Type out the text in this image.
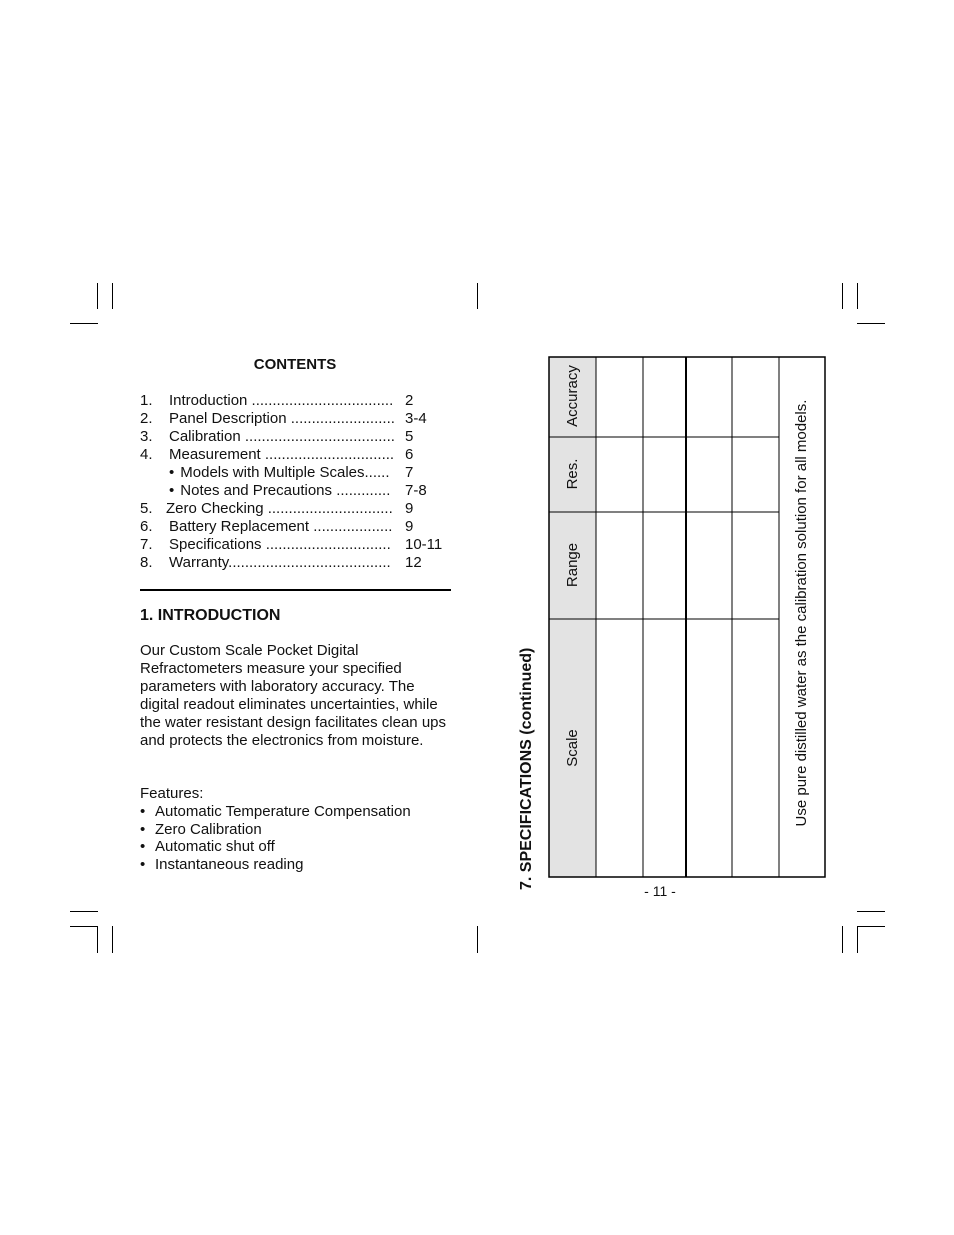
CONTENTS
1. Introduction .................................. 2
2. Panel Description ......................... 3-4
3. Calibration .................................... 5
4. Measurement ............................... 6
• Models with Multiple Scales...... 7
• Notes and Precautions ............. 7-8
5. Zero Checking .............................. 9
6. Battery Replacement ................... 9
7. Specifications .............................. 10-11
8. Warranty....................................... 12
1. INTRODUCTION

Our Custom Scale Pocket Digital Refractometers measure your specified parameters with laboratory accuracy. The digital readout eliminates uncertainties, while the water resistant design facilitates clean ups and protects the electronics from moisture.

Features:
• Automatic Temperature Compensation
• Zero Calibration
• Automatic shut off
• Instantaneous reading	7. SPECIFICATIONS (continued) Scale
Range
Res.
Accuracy
Use pure distilled water as the calibration solution for all models.
- 11 -
